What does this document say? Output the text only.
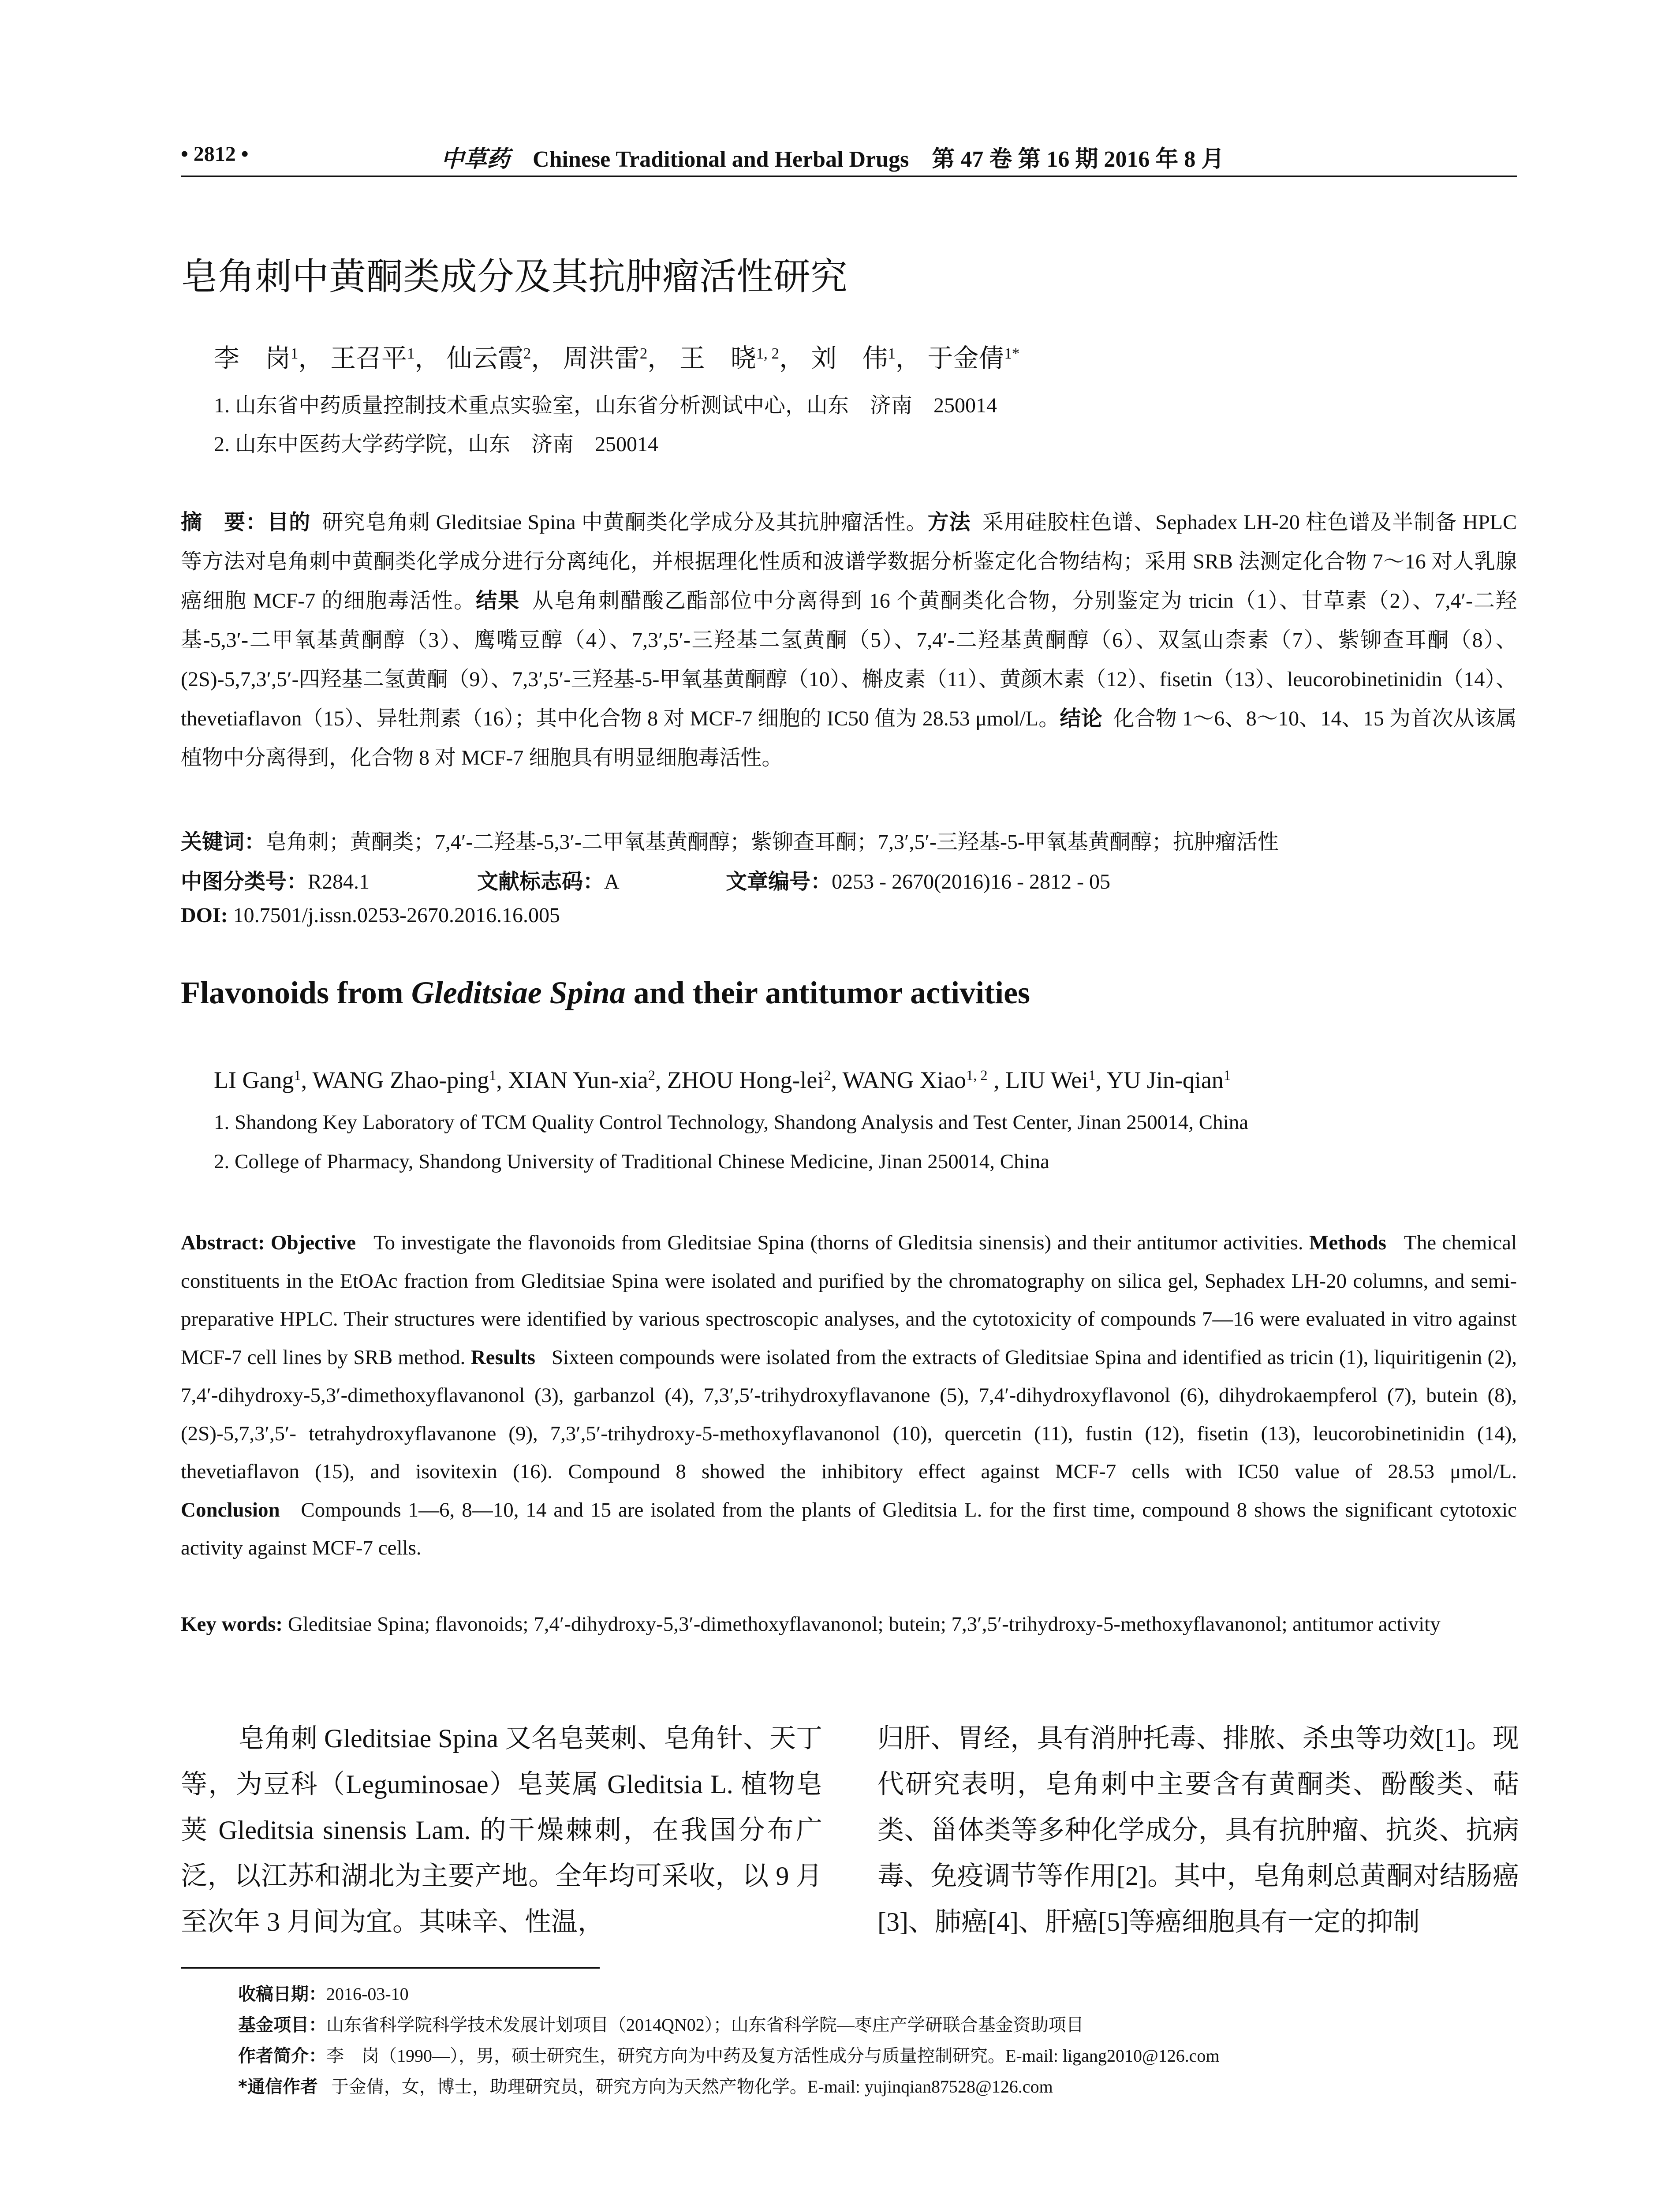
• 2812 •	中草药 Chinese Traditional and Herbal Drugs 第 47 卷 第 16 期 2016 年 8 月
皂角刺中黄酮类成分及其抗肿瘤活性研究
李　岗$^1$， 王召平$^1$， 仙云霞$^2$， 周洪雷$^2$， 王　晓$^{1, 2}$， 刘　伟$^1$， 于金倩$^{1*}$
1. 山东省中药质量控制技术重点实验室，山东省分析测试中心，山东　济南　250014
2. 山东中医药大学药学院，山东　济南　250014
摘　要：目的 研究皂角刺 Gleditsiae Spina 中黄酮类化学成分及其抗肿瘤活性。方法 采用硅胶柱色谱、Sephadex LH-20 柱色谱及半制备 HPLC 等方法对皂角刺中黄酮类化学成分进行分离纯化，并根据理化性质和波谱学数据分析鉴定化合物结构；采用 SRB 法测定化合物 7～16 对人乳腺癌细胞 MCF-7 的细胞毒活性。结果 从皂角刺醋酸乙酯部位中分离得到 16 个黄酮类化合物，分别鉴定为 tricin（1）、甘草素（2）、7,4′-二羟基-5,3′-二甲氧基黄酮醇（3）、鹰嘴豆醇（4）、7,3′,5′-三羟基二氢黄酮（5）、7,4′-二羟基黄酮醇（6）、双氢山柰素（7）、紫铆查耳酮（8）、(2S)-5,7,3′,5′-四羟基二氢黄酮（9）、7,3′,5′-三羟基-5-甲氧基黄酮醇（10）、槲皮素（11）、黄颜木素（12）、fisetin（13）、leucorobinetinidin（14）、thevetiaflavon（15）、异牡荆素（16）；其中化合物 8 对 MCF-7 细胞的 IC50 值为 28.53 μmol/L。结论 化合物 1～6、8～10、14、15 为首次从该属植物中分离得到，化合物 8 对 MCF-7 细胞具有明显细胞毒活性。
关键词：皂角刺；黄酮类；7,4′-二羟基-5,3′-二甲氧基黄酮醇；紫铆查耳酮；7,3′,5′-三羟基-5-甲氧基黄酮醇；抗肿瘤活性
中图分类号：R284.1	文献标志码：A	文章编号：0253 - 2670(2016)16 - 2812 - 05
DOI: 10.7501/j.issn.0253-2670.2016.16.005
Flavonoids from Gleditsiae Spina and their antitumor activities
LI Gang$^1$, WANG Zhao-ping$^1$, XIAN Yun-xia$^2$, ZHOU Hong-lei$^2$, WANG Xiao$^{1, 2}$ , LIU Wei$^1$, YU Jin-qian$^1$
1. Shandong Key Laboratory of TCM Quality Control Technology, Shandong Analysis and Test Center, Jinan 250014, China
2. College of Pharmacy, Shandong University of Traditional Chinese Medicine, Jinan 250014, China
Abstract: Objective To investigate the flavonoids from Gleditsiae Spina (thorns of Gleditsia sinensis) and their antitumor activities. Methods The chemical constituents in the EtOAc fraction from Gleditsiae Spina were isolated and purified by the chromatography on silica gel, Sephadex LH-20 columns, and semi-preparative HPLC. Their structures were identified by various spectroscopic analyses, and the cytotoxicity of compounds 7—16 were evaluated in vitro against MCF-7 cell lines by SRB method. Results Sixteen compounds were isolated from the extracts of Gleditsiae Spina and identified as tricin (1), liquiritigenin (2), 7,4′-dihydroxy-5,3′-dimethoxyflavanonol (3), garbanzol (4), 7,3′,5′-trihydroxyflavanone (5), 7,4′-dihydroxyflavonol (6), dihydrokaempferol (7), butein (8), (2S)-5,7,3′,5′- tetrahydroxyflavanone (9), 7,3′,5′-trihydroxy-5-methoxyflavanonol (10), quercetin (11), fustin (12), fisetin (13), leucorobinetinidin (14), thevetiaflavon (15), and isovitexin (16). Compound 8 showed the inhibitory effect against MCF-7 cells with IC50 value of 28.53 μmol/L. Conclusion Compounds 1—6, 8—10, 14 and 15 are isolated from the plants of Gleditsia L. for the first time, compound 8 shows the significant cytotoxic activity against MCF-7 cells.
Key words: Gleditsiae Spina; flavonoids; 7,4′-dihydroxy-5,3′-dimethoxyflavanonol; butein; 7,3′,5′-trihydroxy-5-methoxyflavanonol; antitumor activity
皂角刺 Gleditsiae Spina 又名皂荚刺、皂角针、天丁等，为豆科（Leguminosae）皂荚属 Gleditsia L. 植物皂荚 Gleditsia sinensis Lam. 的干燥棘刺，在我国分布广泛，以江苏和湖北为主要产地。全年均可采收，以 9 月至次年 3 月间为宜。其味辛、性温，
归肝、胃经，具有消肿托毒、排脓、杀虫等功效[1]。现代研究表明，皂角刺中主要含有黄酮类、酚酸类、萜类、甾体类等多种化学成分，具有抗肿瘤、抗炎、抗病毒、免疫调节等作用[2]。其中，皂角刺总黄酮对结肠癌[3]、肺癌[4]、肝癌[5]等癌细胞具有一定的抑制
收稿日期：2016-03-10
基金项目：山东省科学院科学技术发展计划项目（2014QN02）；山东省科学院—枣庄产学研联合基金资助项目
作者简介：李　岗（1990—），男，硕士研究生，研究方向为中药及复方活性成分与质量控制研究。E-mail: ligang2010@126.com
*通信作者 于金倩，女，博士，助理研究员，研究方向为天然产物化学。E-mail: yujinqian87528@126.com
